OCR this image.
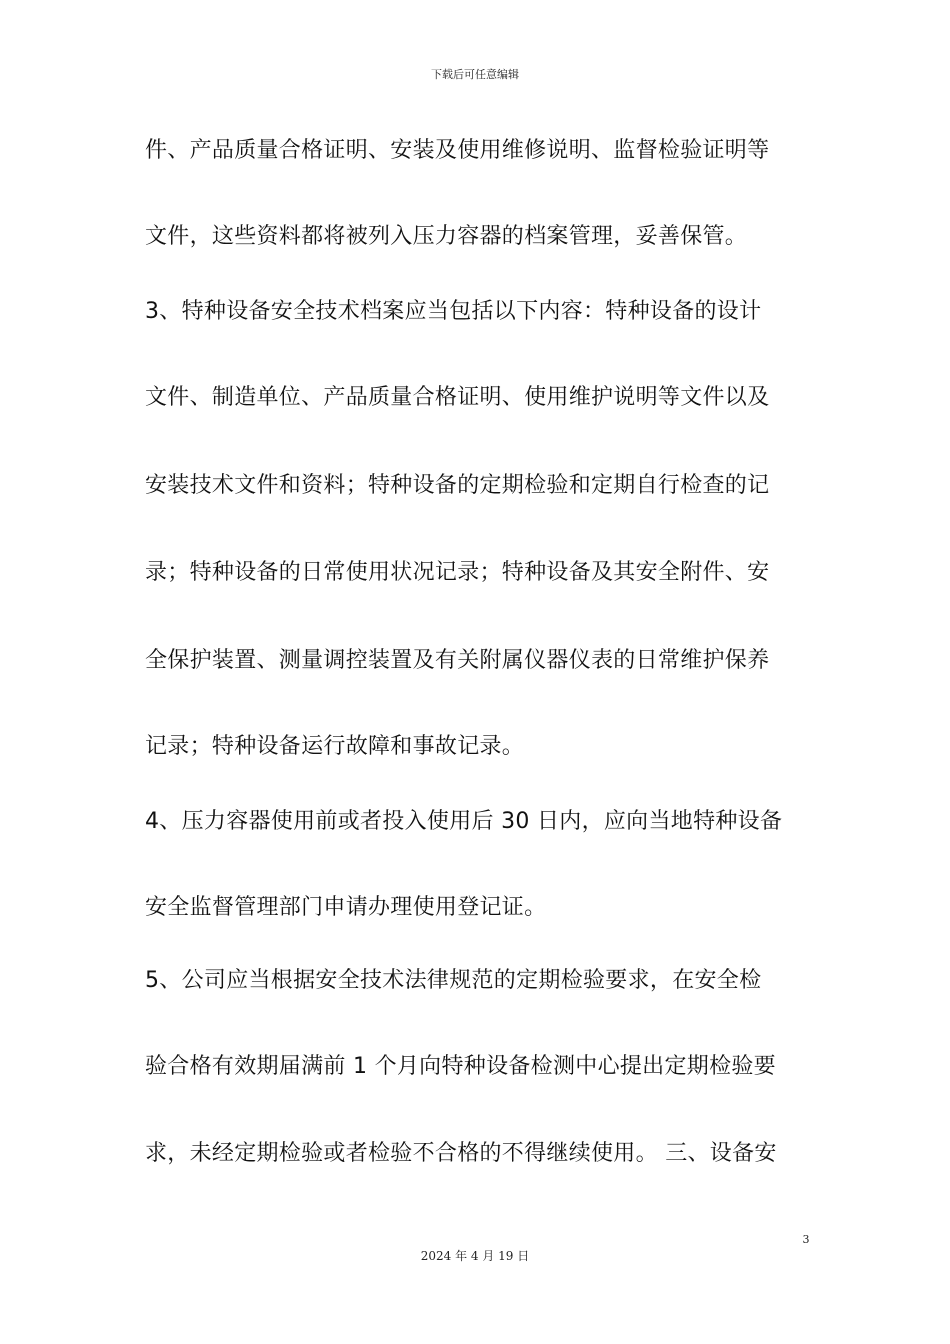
下载后可任意编辑
件、产品质量合格证明、安装及使用维修说明、监督检验证明等
文件，这些资料都将被列入压力容器的档案管理，妥善保管。
3、特种设备安全技术档案应当包括以下内容：特种设备的设计
文件、制造单位、产品质量合格证明、使用维护说明等文件以及
安装技术文件和资料；特种设备的定期检验和定期自行检查的记
录；特种设备的日常使用状况记录；特种设备及其安全附件、安
全保护装置、测量调控装置及有关附属仪器仪表的日常维护保养
记录；特种设备运行故障和事故记录。
4、压力容器使用前或者投入使用后 30 日内，应向当地特种设备
安全监督管理部门申请办理使用登记证。
5、公司应当根据安全技术法律规范的定期检验要求，在安全检
验合格有效期届满前 1 个月向特种设备检测中心提出定期检验要
求，未经定期检验或者检验不合格的不得继续使用。 三、设备安
3
2024 年 4 月 19 日
